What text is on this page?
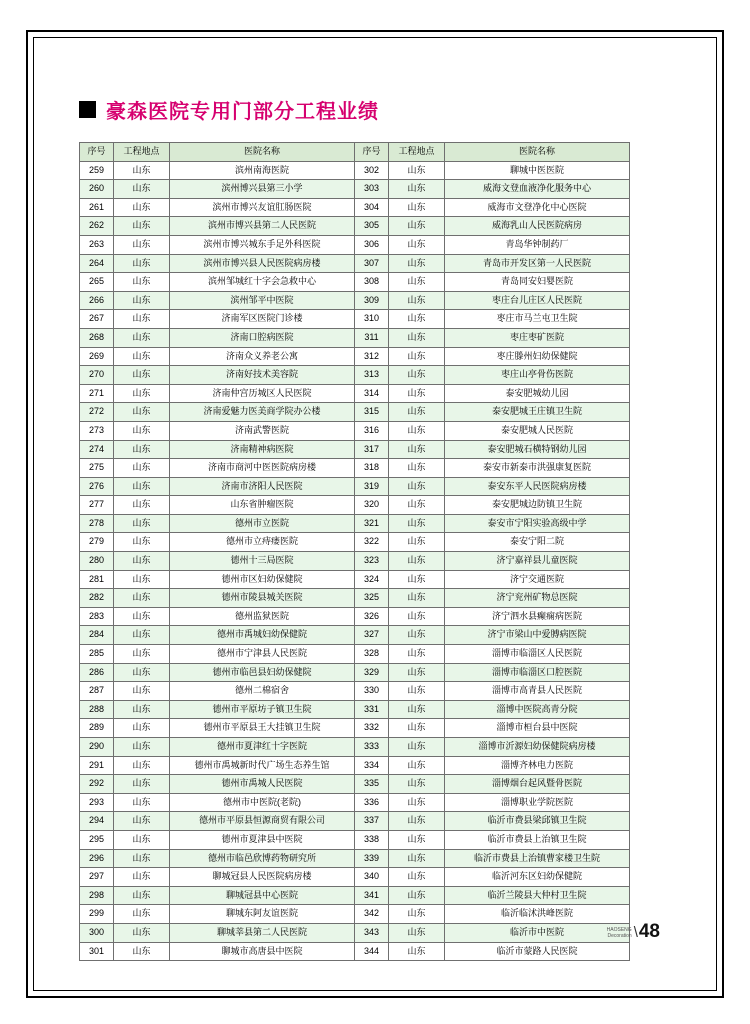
豪森医院专用门部分工程业绩
序号	工程地点	医院名称	序号	工程地点	医院名称
259	山东	滨州南海医院	302	山东	聊城中医医院
260	山东	滨州博兴县第三小学	303	山东	威海文登血液净化服务中心
261	山东	滨州市博兴友谊肛肠医院	304	山东	威海市文登净化中心医院
262	山东	滨州市博兴县第二人民医院	305	山东	威海乳山人民医院病房
263	山东	滨州市博兴城东手足外科医院	306	山东	青岛华钟制药厂
264	山东	滨州市博兴县人民医院病房楼	307	山东	青岛市开发区第一人民医院
265	山东	滨州邹城红十字会急救中心	308	山东	青岛同安妇婴医院
266	山东	滨州邹平中医院	309	山东	枣庄台儿庄区人民医院
267	山东	济南军区医院门诊楼	310	山东	枣庄市马兰屯卫生院
268	山东	济南口腔病医院	311	山东	枣庄枣矿医院
269	山东	济南众义养老公寓	312	山东	枣庄滕州妇幼保健院
270	山东	济南好技术美容院	313	山东	枣庄山亭骨伤医院
271	山东	济南仲宫历城区人民医院	314	山东	泰安肥城幼儿园
272	山东	济南爱魅力医美商学院办公楼	315	山东	泰安肥城王庄镇卫生院
273	山东	济南武警医院	316	山东	泰安肥城人民医院
274	山东	济南精神病医院	317	山东	泰安肥城石横特钢幼儿园
275	山东	济南市商河中医医院病房楼	318	山东	泰安市新泰市洪强康复医院
276	山东	济南市济阳人民医院	319	山东	泰安东平人民医院病房楼
277	山东	山东省肿瘤医院	320	山东	泰安肥城边防镇卫生院
278	山东	德州市立医院	321	山东	泰安市宁阳实验高级中学
279	山东	德州市立痔瘘医院	322	山东	泰安宁阳二院
280	山东	德州十三局医院	323	山东	济宁嘉祥县儿童医院
281	山东	德州市区妇幼保健院	324	山东	济宁交通医院
282	山东	德州市陵县城关医院	325	山东	济宁兖州矿物总医院
283	山东	德州监狱医院	326	山东	济宁泗水县癫痫病医院
284	山东	德州市禹城妇幼保健院	327	山东	济宁市梁山中爱膊病医院
285	山东	德州市宁津县人民医院	328	山东	淄博市临淄区人民医院
286	山东	德州市临邑县妇幼保健院	329	山东	淄博市临淄区口腔医院
287	山东	德州二棉宿舍	330	山东	淄博市高青县人民医院
288	山东	德州市平原坊子镇卫生院	331	山东	淄博中医院高青分院
289	山东	德州市平原县王大挂镇卫生院	332	山东	淄博市桓台县中医院
290	山东	德州市夏津红十字医院	333	山东	淄博市沂源妇幼保健院病房楼
291	山东	德州市禹城新时代广场生态养生馆	334	山东	淄博齐林电力医院
292	山东	德州市禹城人民医院	335	山东	淄博烟台起风暨骨医院
293	山东	德州市中医院(老院)	336	山东	淄博职业学院医院
294	山东	德州市平原县恒源商贸有限公司	337	山东	临沂市费县梁邱镇卫生院
295	山东	德州市夏津县中医院	338	山东	临沂市费县上治镇卫生院
296	山东	德州市临邑欣博药物研究所	339	山东	临沂市费县上治镇曹家楼卫生院
297	山东	聊城冠县人民医院病房楼	340	山东	临沂河东区妇幼保健院
298	山东	聊城冠县中心医院	341	山东	临沂兰陵县大仲村卫生院
299	山东	聊城东阿友谊医院	342	山东	临沂临沭洪峰医院
300	山东	聊城莘县第二人民医院	343	山东	临沂市中医院
301	山东	聊城市高唐县中医院	344	山东	临沂市蒙路人民医院
HAOSENG
Decoration \ 48
